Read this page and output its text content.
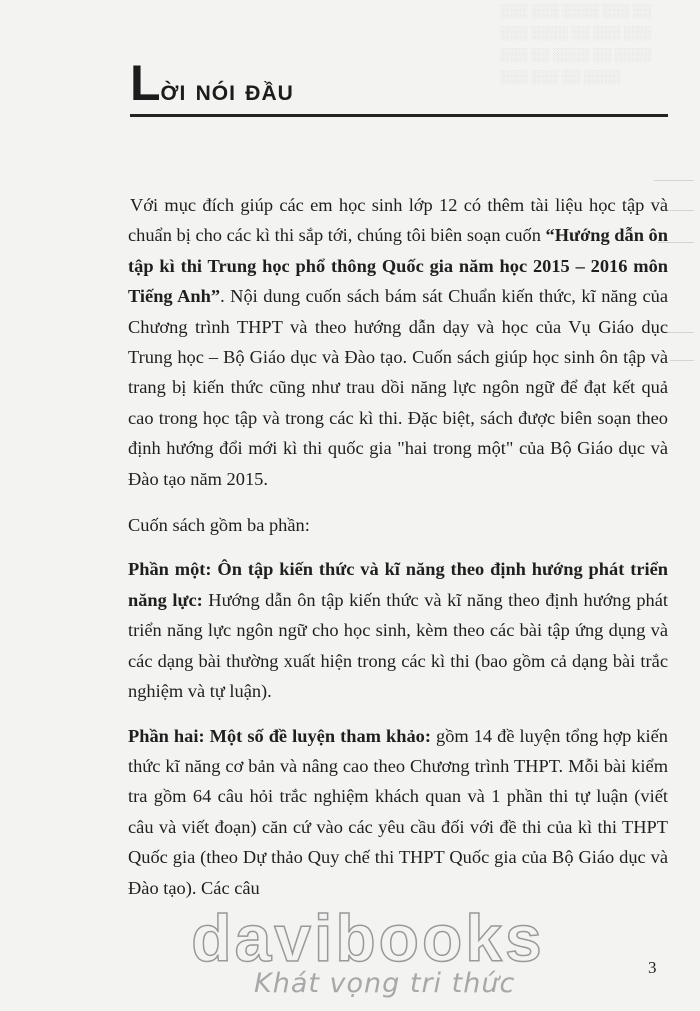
░░░ ░░░ ░░░░ ░░░ ░░
░░░ ░░░░ ░░ ░░░ ░░░
░░░ ░░ ░░░░ ░░ ░░░░
░░░ ░░░ ░░ ░░░░
Lời nói đầu

Với mục đích giúp các em học sinh lớp 12 có thêm tài liệu học tập và chuẩn bị cho các kì thi sắp tới, chúng tôi biên soạn cuốn “Hướng dẫn ôn tập kì thi Trung học phổ thông Quốc gia năm học 2015 – 2016 môn Tiếng Anh”. Nội dung cuốn sách bám sát Chuẩn kiến thức, kĩ năng của Chương trình THPT và theo hướng dẫn dạy và học của Vụ Giáo dục Trung học – Bộ Giáo dục và Đào tạo. Cuốn sách giúp học sinh ôn tập và trang bị kiến thức cũng như trau dồi năng lực ngôn ngữ để đạt kết quả cao trong học tập và trong các kì thi. Đặc biệt, sách được biên soạn theo định hướng đổi mới kì thi quốc gia "hai trong một" của Bộ Giáo dục và Đào tạo năm 2015.

Cuốn sách gồm ba phần:

Phần một: Ôn tập kiến thức và kĩ năng theo định hướng phát triển năng lực: Hướng dẫn ôn tập kiến thức và kĩ năng theo định hướng phát triển năng lực ngôn ngữ cho học sinh, kèm theo các bài tập ứng dụng và các dạng bài thường xuất hiện trong các kì thi (bao gồm cả dạng bài trắc nghiệm và tự luận).

Phần hai: Một số đề luyện tham khảo: gồm 14 đề luyện tổng hợp kiến thức kĩ năng cơ bản và nâng cao theo Chương trình THPT. Mỗi bài kiểm tra gồm 64 câu hỏi trắc nghiệm khách quan và 1 phần thi tự luận (viết câu và viết đoạn) căn cứ vào các yêu cầu đối với đề thi của kì thi THPT Quốc gia (theo Dự thảo Quy chế thi THPT Quốc gia của Bộ Giáo dục và Đào tạo). Các câu

davibooks
Khát vọng tri thức
3
